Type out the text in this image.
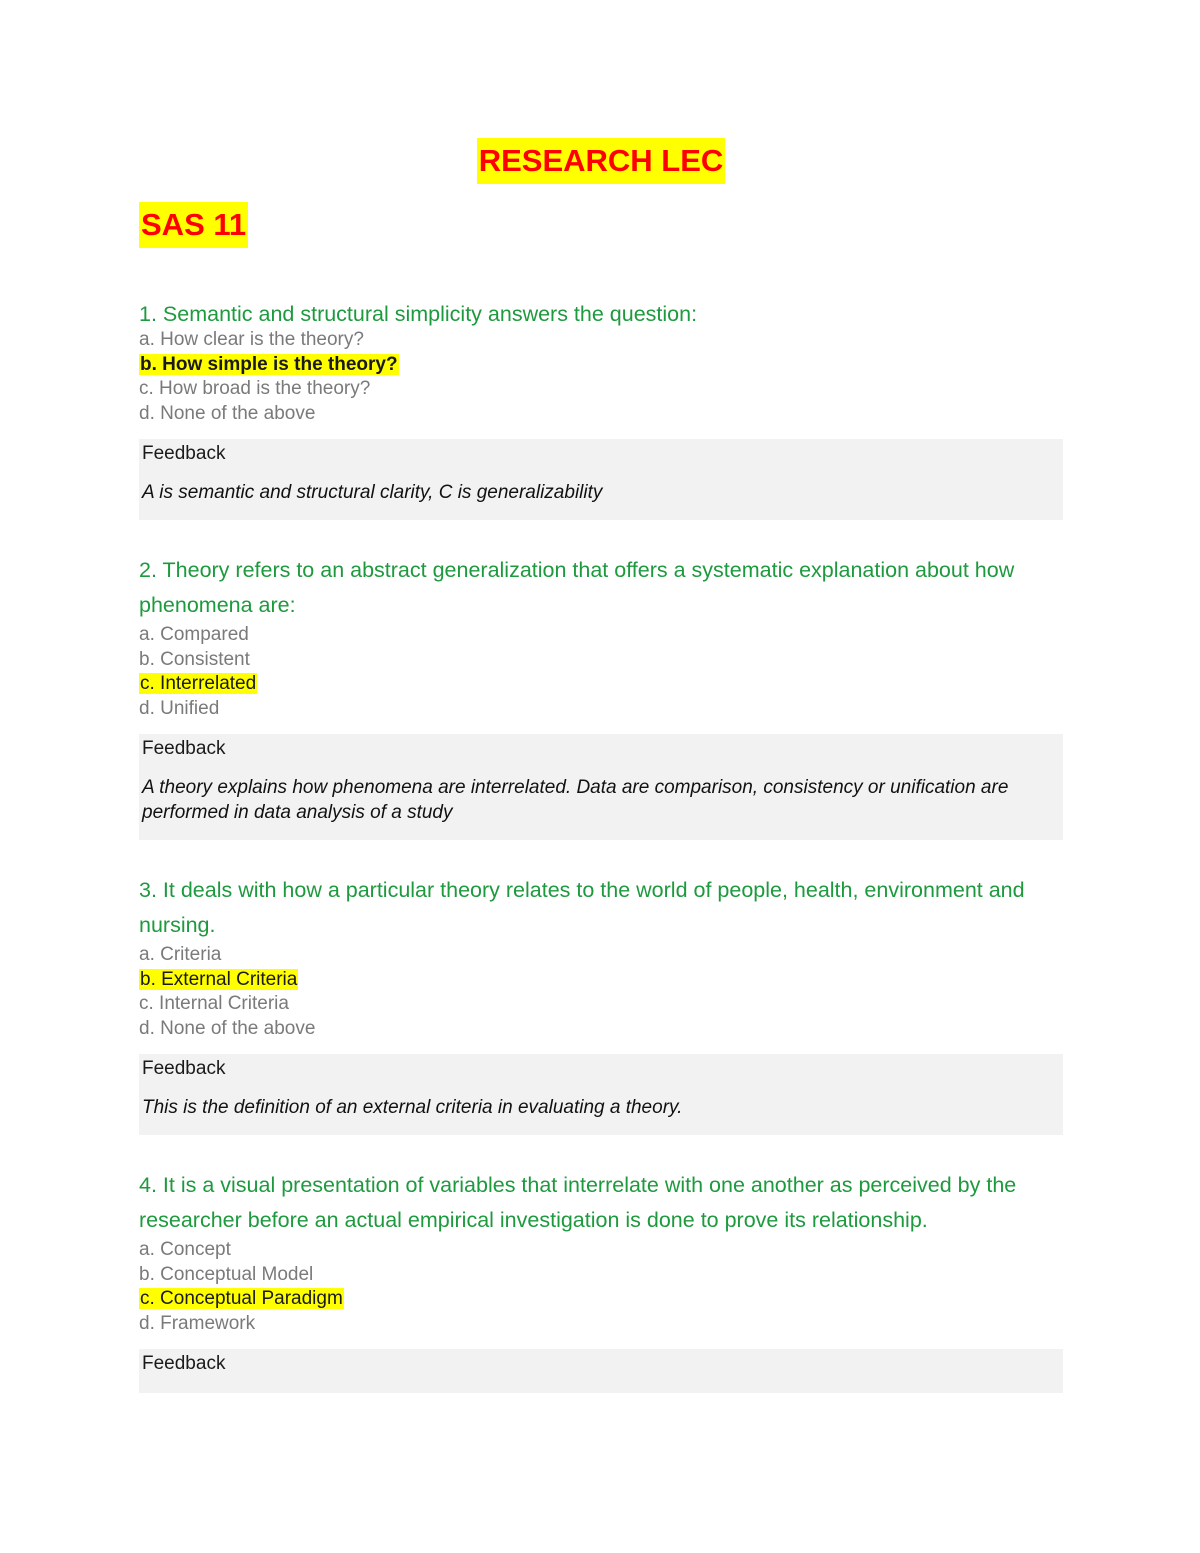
RESEARCH LEC
SAS 11
1. Semantic and structural simplicity answers the question:
a. How clear is the theory?
b. How simple is the theory?
c. How broad is the theory?
d. None of the above
Feedback
A is semantic and structural clarity, C is generalizability
2. Theory refers to an abstract generalization that offers a systematic explanation about how phenomena are:
a. Compared
b. Consistent
c. Interrelated
d. Unified
Feedback
A theory explains how phenomena are interrelated. Data are comparison, consistency or unification are performed in data analysis of a study
3. It deals with how a particular theory relates to the world of people, health, environment and nursing.
a. Criteria
b. External Criteria
c. Internal Criteria
d. None of the above
Feedback
This is the definition of an external criteria in evaluating a theory.
4. It is a visual presentation of variables that interrelate with one another as perceived by the researcher before an actual empirical investigation is done to prove its relationship.
a. Concept
b. Conceptual Model
c. Conceptual Paradigm
d. Framework
Feedback
